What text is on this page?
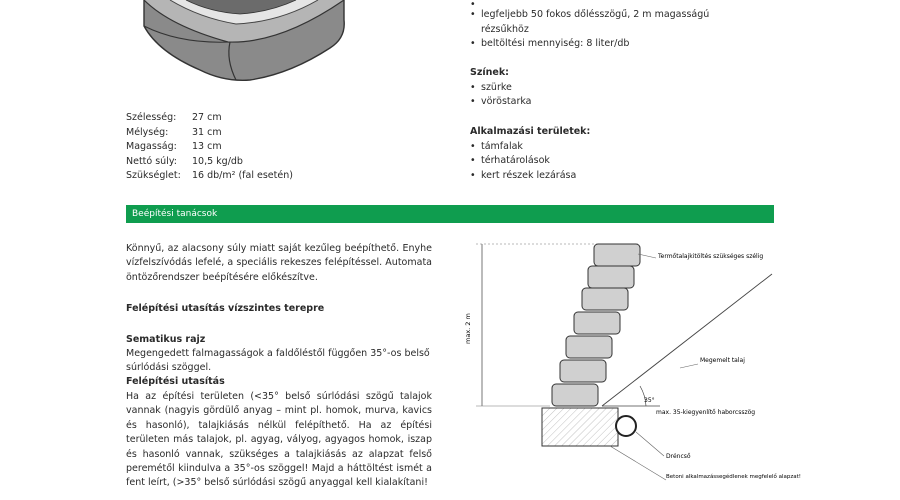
•
• legfeljebb 50 fokos dőlésszögű, 2 m magasságú rézsűkhöz
• beltöltési mennyiség: 8 liter/db
Szélesség:	27 cm
Mélység:	31 cm
Magasság:	13 cm
Nettó súly:	10,5 kg/db
Szükséglet:	16 db/m² (fal esetén)
Színek:
• szürke
• vöröstarka
Alkalmazási területek:
• támfalak
• térhatárolások
• kert részek lezárása
Beépítési tanácsok
Könnyű, az alacsony súly miatt saját kezűleg beépíthető. Enyhe vízfelszívódás lefelé, a speciális rekeszes felépítéssel. Automata öntözőrendszer beépítésére előkészítve.
Felépítési utasítás vízszintes terepre
Sematikus rajz
Megengedett falmagasságok a faldőléstől függően 35°-os belső súrlódási szöggel.
Felépítési utasítás
Ha az építési területen (<35° belső súrlódási szögű talajok vannak (nagyis gördülő anyag – mint pl. homok, murva, kavics és hasonló), talajkiásás nélkül felépíthető. Ha az építési területen más talajok, pl. agyag, vályog, agyagos homok, iszap és hasonló vannak, szükséges a talajkiásás az alapzat felső peremétől kiindulva a 35°-os szöggel! Majd a háttöltést ismét a fent leírt, (>35° belső súrlódási szögű anyaggal kell kialakítani!
max. 2 m
Termőtalajkitöltés szükséges szélig
Megemelt talaj
max. 35-kiegyenlítő haborcsszög
Dréncső
Betoni alkalmazássegédlenek megfelelő alapzat!
35°
